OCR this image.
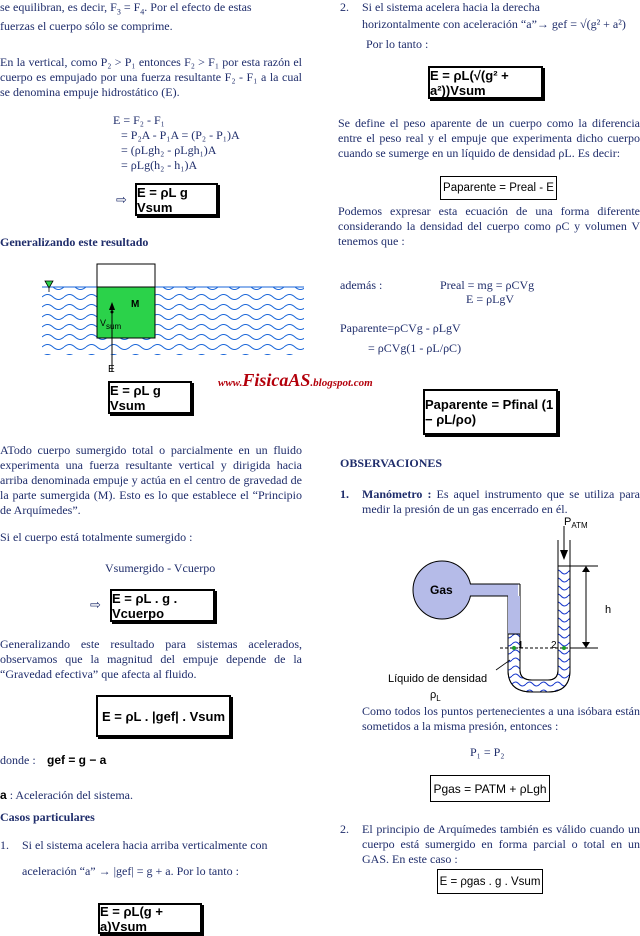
se equilibran, es decir, $F_3 = F_4$. Por el efecto de estas
fuerzas el cuerpo sólo se comprime.
En la vertical, como P₂ > P₁ entonces F₂ > F₁ por esta razón el cuerpo es empujado por una fuerza resultante F₂ - F₁ a la cual se denomina empuje hidrostático (E).
E = F₂ - F₁
= P₂A - P₁A = (P₂ - P₁)A
= (ρLgh₂ - ρLgh₁)A
= ρLg(h₂ - h₁)A
⇨ E = ρL g Vsum
Generalizando este resultado
M
$V_{sum}$
E
E = ρL g Vsum
www.FisicaAS.blogspot.com
ATodo cuerpo sumergido total o parcialmente en un fluido experimenta una fuerza resultante vertical y dirigida hacia arriba denominada empuje y actúa en el centro de gravedad de la parte sumergida (M). Esto es lo que establece el “Principio de Arquímedes”.
Si el cuerpo está totalmente sumergido :
Vsumergido - Vcuerpo
⇨ E = ρL . g . Vcuerpo
Generalizando este resultado para sistemas acelerados, observamos que la magnitud del empuje depende de la “Gravedad efectiva” que afecta al fluido.
E = ρL . |gef| . Vsum
donde : gef = g − a
a : Aceleración del sistema.
Casos particulares
1. Si el sistema acelera hacia arriba verticalmente con
aceleración “a” → |gef| = g + a. Por lo tanto :
E = ρL(g + a)Vsum
2. Si el sistema acelera hacia la derecha
horizontalmente con aceleración “a”→ gef = √(g² + a²)
Por lo tanto :
E = ρL(√(g² + a²))Vsum
Se define el peso aparente de un cuerpo como la diferencia entre el peso real y el empuje que experimenta dicho cuerpo cuando se sumerge en un líquido de densidad ρL. Es decir:
Paparente = Preal - E
Podemos expresar esta ecuación de una forma diferente considerando la densidad del cuerpo como ρC y volumen V tenemos que :
Preal = mg = ρCVg
además :
E = ρLgV
Paparente=ρCVg - ρLgV
= ρCVg(1 - ρL/ρC)
Paparente = Pfinal (1 − ρL/ρo)
OBSERVACIONES
1. Manómetro : Es aquel instrumento que se utiliza para medir la presión de un gas encerrado en él.
Gas
$P_{ATM}$
h
1	2
Líquido de densidad
$\rho_L$
Como todos los puntos pertenecientes a una isóbara están sometidos a la misma presión, entonces :
P₁ = P₂
Pgas = PATM + ρLgh
2. El principio de Arquímedes también es válido cuando un cuerpo está sumergido en forma parcial o total en un GAS. En este caso :
E = ρgas . g . Vsum
